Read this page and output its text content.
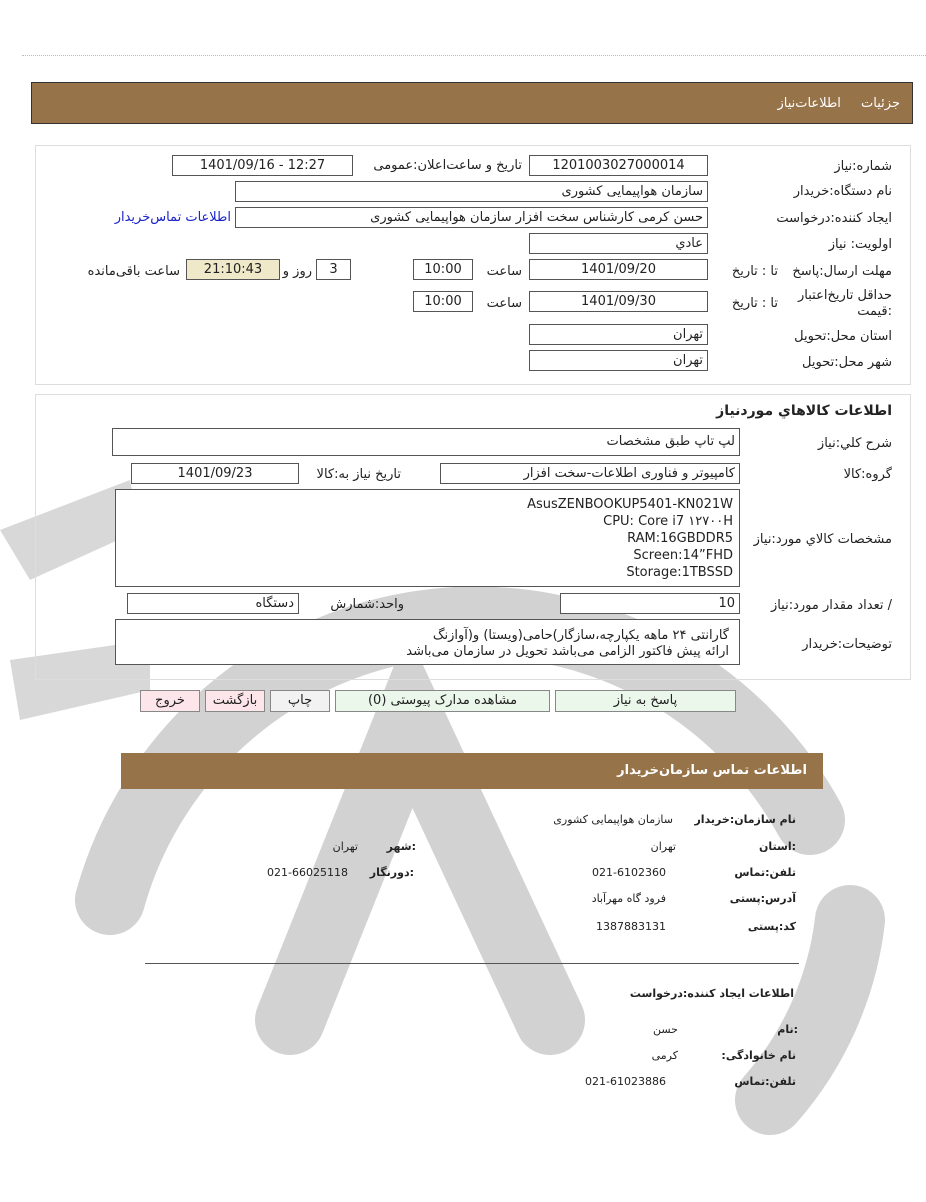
جزئیات اطلاعات‌نیاز
شماره:نیاز
1201003027000014
تاریخ و ساعت‌اعلان:عمومی
1401/09/16 - 12:27
نام دستگاه:خریدار
سازمان هواپیمایی کشوری
ایجاد کننده:درخواست
حسن کرمی کارشناس سخت افزار سازمان هواپیمایی کشوری
اطلاعات تماس‌خریدار
اولویت: نیاز
عادي
مهلت ارسال:پاسخ
تا : تاریخ
1401/09/20
ساعت
10:00
3
روز و
21:10:43
ساعت باقی‌مانده
حداقل تاریخ‌اعتبار
:قیمت
تا : تاریخ
1401/09/30
ساعت
10:00
استان محل:تحویل
تهران
شهر محل:تحویل
تهران
اطلاعات كالاهاي موردنیاز
شرح كلي:نياز
لپ تاپ طبق مشخصات
گروه:کالا
کامپیوتر و فناوری اطلاعات-سخت افزار
تاریخ نیاز به:کالا
1401/09/23
مشخصات كالاي مورد:نیاز
AsusZENBOOKUP5401-KN021W
CPU: Core i7 ۱۲۷۰۰H
RAM:16GBDDR5
Screen:14”FHD
Storage:1TBSSD
/ تعداد مقدار مورد:نیاز
10
واحد:شمارش
دستگاه
توضیحات:خریدار
گارانتی ۲۴ ماهه یکپارچه،سازگار)حامی(ویستا) و(آوازنگ
ارائه پیش فاکتور الزامی می‌باشد تحویل در سازمان می‌باشد
پاسخ به نیاز
مشاهده مدارک پیوستی (0)
چاپ
بازگشت
خروج
اطلاعات تماس سازمان‌خریدار
نام سازمان:خریدار
سازمان هواپیمایی کشوری
:استان
تهران
:شهر
تهران
تلفن:تماس
021-6102360
:دورنگار
021-66025118
آدرس:پستی
فرود گاه مهرآباد
کد:پستی
1387883131
اطلاعات ایجاد کننده:درخواست
:نام
حسن
نام خانوادگی:
کرمی
تلفن:تماس
021-61023886
